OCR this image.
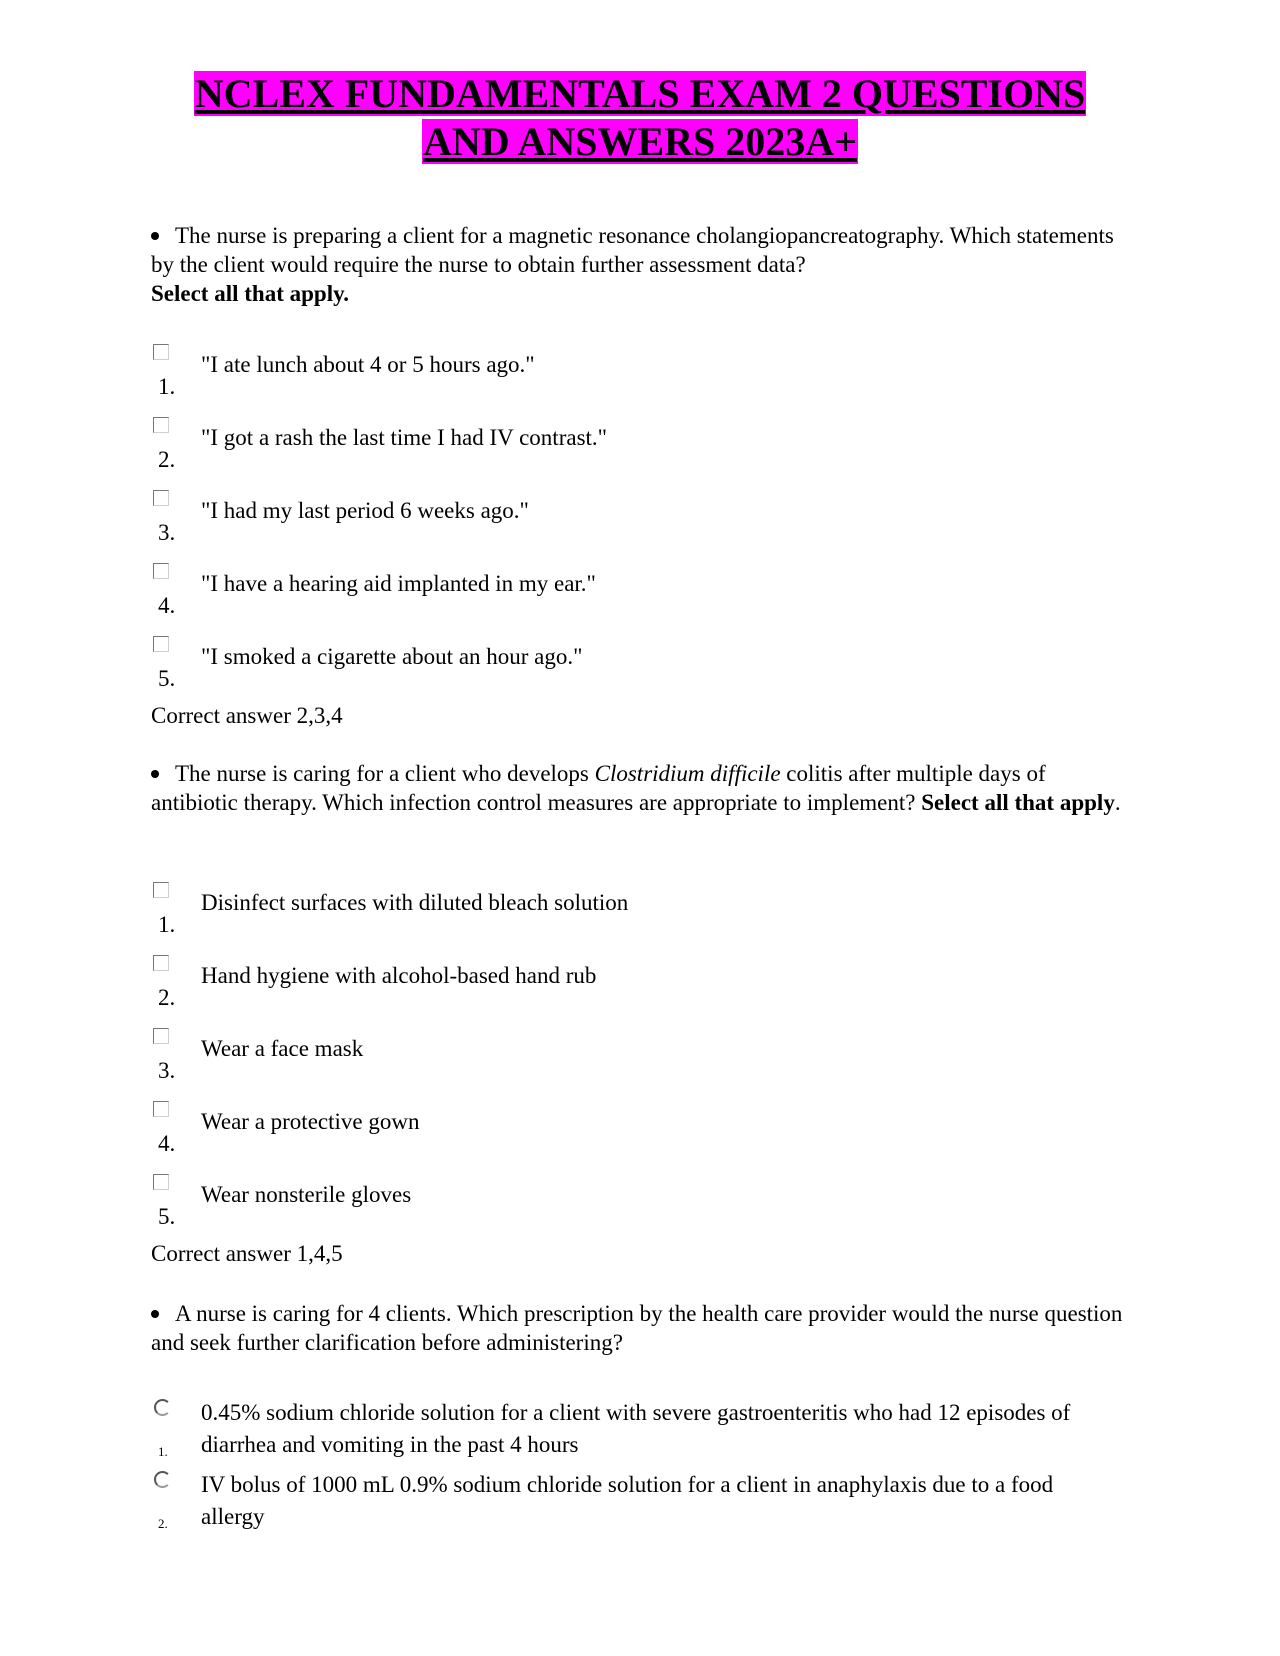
NCLEX FUNDAMENTALS EXAM 2 QUESTIONS
AND ANSWERS 2023A+
The nurse is preparing a client for a magnetic resonance cholangiopancreatography. Which statements by the client would require the nurse to obtain further assessment data?
Select all that apply.
1.
"I ate lunch about 4 or 5 hours ago."
2.
"I got a rash the last time I had IV contrast."
3.
"I had my last period 6 weeks ago."
4.
"I have a hearing aid implanted in my ear."
5.
"I smoked a cigarette about an hour ago."
Correct answer 2,3,4
The nurse is caring for a client who develops Clostridium difficile colitis after multiple days of antibiotic therapy. Which infection control measures are appropriate to implement? Select all that apply.
1.
Disinfect surfaces with diluted bleach solution
2.
Hand hygiene with alcohol-based hand rub
3.
Wear a face mask
4.
Wear a protective gown
5.
Wear nonsterile gloves
Correct answer 1,4,5
A nurse is caring for 4 clients. Which prescription by the health care provider would the nurse question and seek further clarification before administering?
1.
0.45% sodium chloride solution for a client with severe gastroenteritis who had 12 episodes of diarrhea and vomiting in the past 4 hours
2.
IV bolus of 1000 mL 0.9% sodium chloride solution for a client in anaphylaxis due to a food allergy
